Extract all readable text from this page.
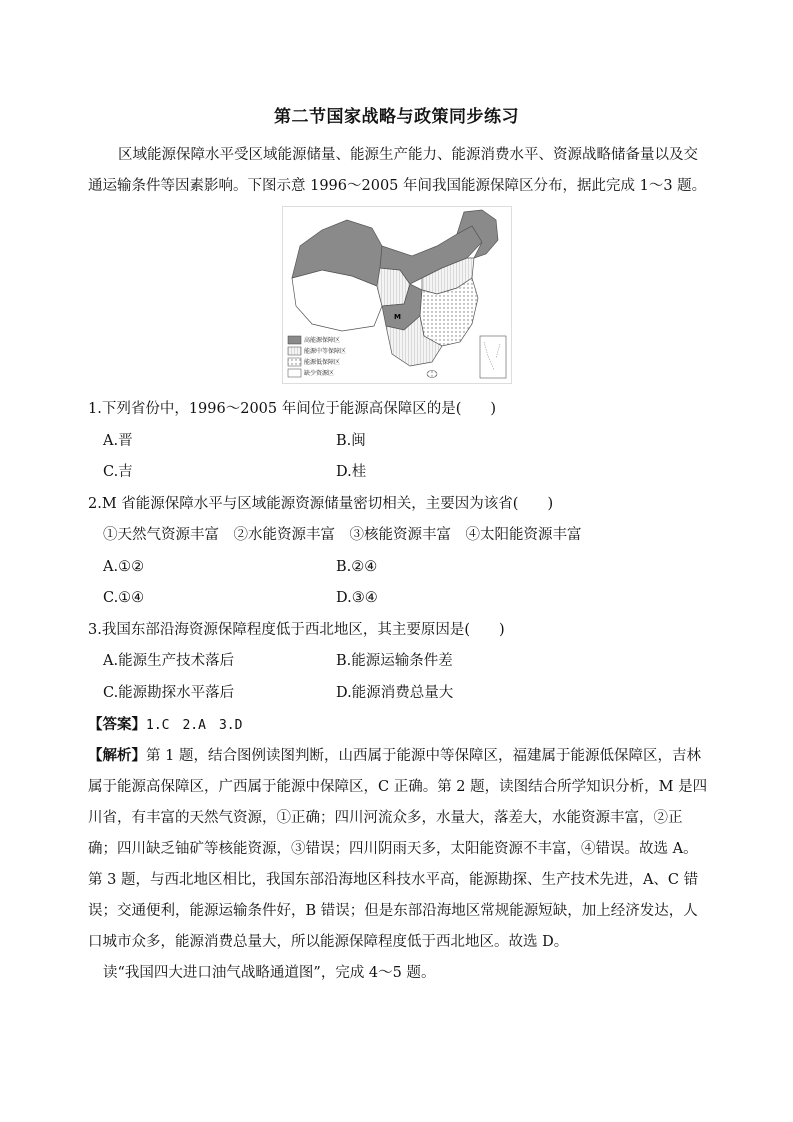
第二节国家战略与政策同步练习

区域能源保障水平受区域能源储量、能源生产能力、能源消费水平、资源战略储备量以及交通运输条件等因素影响。下图示意 1996～2005 年间我国能源保障区分布，据此完成 1～3 题。

M
高能源保障区
能源中等保障区
能源低保障区
缺少资源区
1.下列省份中，1996～2005 年间位于能源高保障区的是(　　)
A.晋	B.闽
C.吉	D.桂
2.M 省能源保障水平与区域能源资源储量密切相关，主要因为该省(　　)
①天然气资源丰富　②水能资源丰富　③核能资源丰富　④太阳能资源丰富
A.①②	B.②④
C.①④	D.③④
3.我国东部沿海资源保障程度低于西北地区，其主要原因是(　　)
A.能源生产技术落后	B.能源运输条件差
C.能源勘探水平落后	D.能源消费总量大
【答案】1.C　2.A　3.D

【解析】第 1 题，结合图例读图判断，山西属于能源中等保障区，福建属于能源低保障区，吉林属于能源高保障区，广西属于能源中保障区，C 正确。第 2 题，读图结合所学知识分析，M 是四川省，有丰富的天然气资源，①正确；四川河流众多，水量大，落差大，水能资源丰富，②正确；四川缺乏铀矿等核能资源，③错误；四川阴雨天多，太阳能资源不丰富，④错误。故选 A。第 3 题，与西北地区相比，我国东部沿海地区科技水平高，能源勘探、生产技术先进，A、C 错误；交通便利，能源运输条件好，B 错误；但是东部沿海地区常规能源短缺，加上经济发达，人口城市众多，能源消费总量大，所以能源保障程度低于西北地区。故选 D。

读“我国四大进口油气战略通道图”，完成 4～5 题。
